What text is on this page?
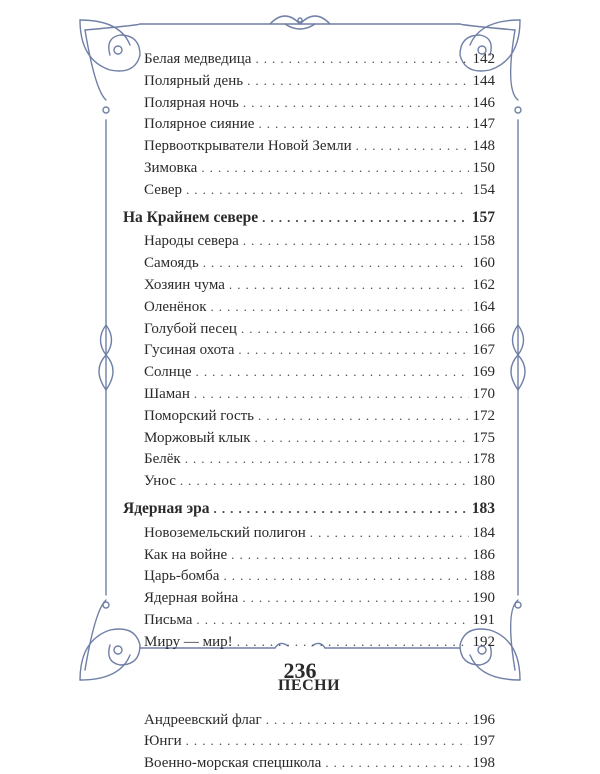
Белая медведица . . .	142
Полярный день . . .	144
Полярная ночь . . .	146
Полярное сияние . . .	147
Первооткрыватели Новой Земли . . .	148
Зимовка . . .	150
Север . . .	154
На Крайнем севере . . .	157
Народы севера . . .	158
Самоядь . . .	160
Хозяин чума . . .	162
Оленёнок . . .	164
Голубой песец . . .	166
Гусиная охота . . .	167
Солнце . . .	169
Шаман . . .	170
Поморский гость . . .	172
Моржовый клык . . .	175
Белёк . . .	178
Унос . . .	180
Ядерная эра . . .	183
Новоземельский полигон . . .	184
Как на войне . . .	186
Царь-бомба . . .	188
Ядерная война . . .	190
Письма . . .	191
Миру — мир! . . .	192
ПЕСНИ
Андреевский флаг . . .	196
Юнги . . .	197
Военно-морская спецшкола . . .	198
236
